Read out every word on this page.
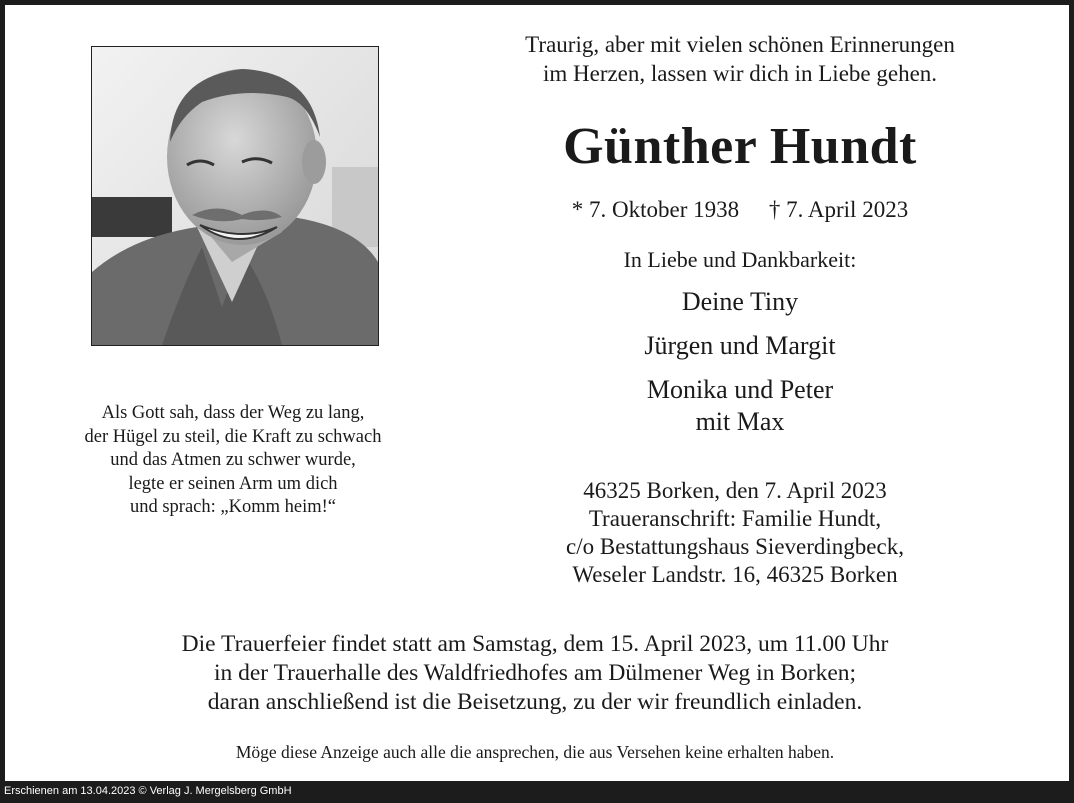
Als Gott sah, dass der Weg zu lang,
der Hügel zu steil, die Kraft zu schwach
und das Atmen zu schwer wurde,
legte er seinen Arm um dich
und sprach: „Komm heim!“
Traurig, aber mit vielen schönen Erinnerungen
im Herzen, lassen wir dich in Liebe gehen.
Günther Hundt
* 7. Oktober 1938 † 7. April 2023
In Liebe und Dankbarkeit:
Deine Tiny
Jürgen und Margit
Monika und Peter
mit Max
46325 Borken, den 7. April 2023
Traueranschrift: Familie Hundt,
c/o Bestattungshaus Sieverdingbeck,
Weseler Landstr. 16, 46325 Borken
Die Trauerfeier findet statt am Samstag, dem 15. April 2023, um 11.00 Uhr
in der Trauerhalle des Waldfriedhofes am Dülmener Weg in Borken;
daran anschließend ist die Beisetzung, zu der wir freundlich einladen.
Möge diese Anzeige auch alle die ansprechen, die aus Versehen keine erhalten haben.
Erschienen am 13.04.2023 © Verlag J. Mergelsberg GmbH
